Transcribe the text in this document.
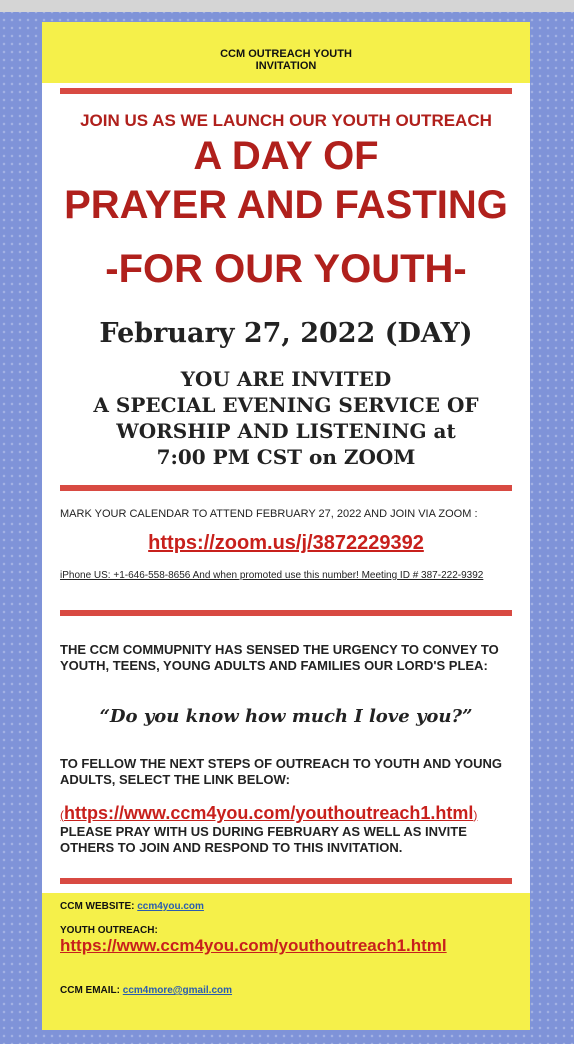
CCM OUTREACH YOUTH
INVITATION
JOIN US AS WE LAUNCH OUR YOUTH OUTREACH
A DAY OF
PRAYER AND FASTING
-FOR OUR YOUTH-
February 27, 2022 (DAY)
YOU ARE INVITED
A SPECIAL EVENING SERVICE OF
WORSHIP AND LISTENING at
7:00 PM CST on ZOOM
MARK YOUR CALENDAR TO ATTEND FEBRUARY 27, 2022 AND JOIN VIA ZOOM :
https://zoom.us/j/3872229392
iPhone US: +1-646-558-8656 And when promoted use this number! Meeting ID # 387-222-9392
THE CCM COMMUPNITY HAS SENSED THE URGENCY TO CONVEY TO YOUTH, TEENS, YOUNG ADULTS AND FAMILIES OUR LORD'S PLEA:
“Do you know how much I love you?”
TO FELLOW THE NEXT STEPS OF OUTREACH TO YOUTH AND YOUNG ADULTS, SELECT THE LINK BELOW:
(https://www.ccm4you.com/youthoutreach1.html)
PLEASE PRAY WITH US DURING FEBRUARY AS WELL AS INVITE OTHERS TO JOIN AND RESPOND TO THIS INVITATION.
CCM WEBSITE: ccm4you.com
YOUTH OUTREACH:
https://www.ccm4you.com/youthoutreach1.html
CCM EMAIL: ccm4more@gmail.com
